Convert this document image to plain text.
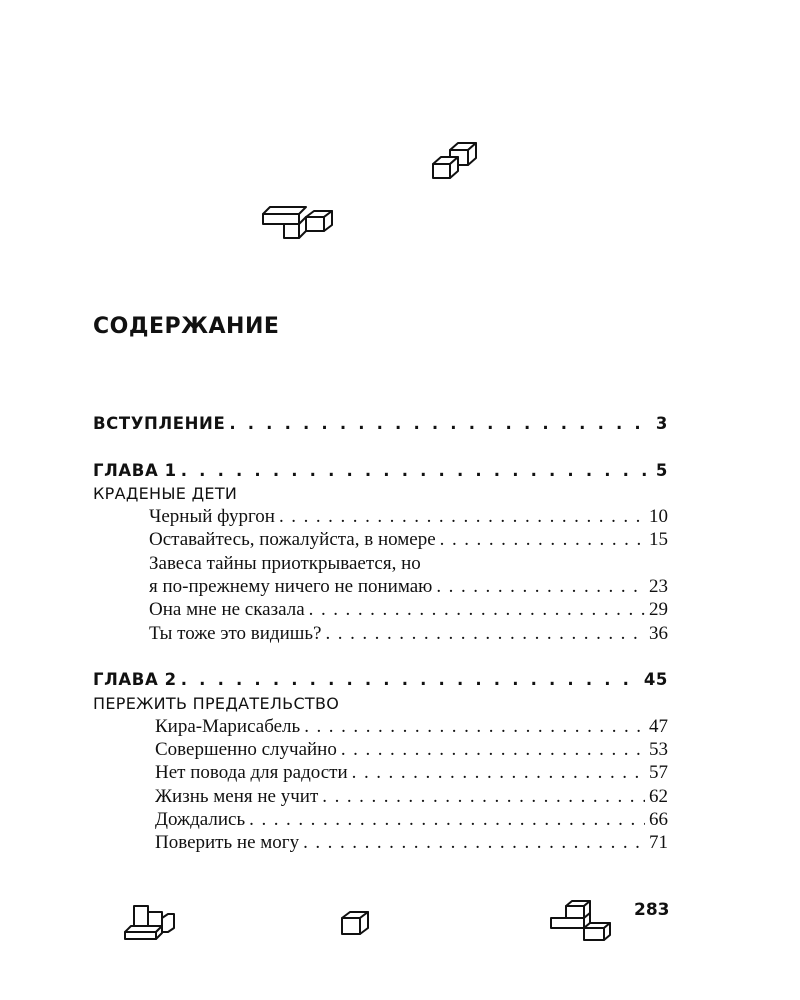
СОДЕРЖАНИЕ
ВСТУПЛЕНИЕ . . .	3
ГЛАВА 1 . . .	5
КРАДЕНЫЕ ДЕТИ
Черный фургон . . .	10
Оставайтесь, пожалуйста, в номере . . .	15
Завеса тайны приоткрывается, но
я по-прежнему ничего не понимаю . . .	23
Она мне не сказала . . .	29
Ты тоже это видишь? . . .	36
ГЛАВА 2 . . .	45
ПЕРЕЖИТЬ ПРЕДАТЕЛЬСТВО
Кира-Марисабель . . .	47
Совершенно случайно . . .	53
Нет повода для радости . . .	57
Жизнь меня не учит . . .	62
Дождались . . .	66
Поверить не могу . . .	71
283
